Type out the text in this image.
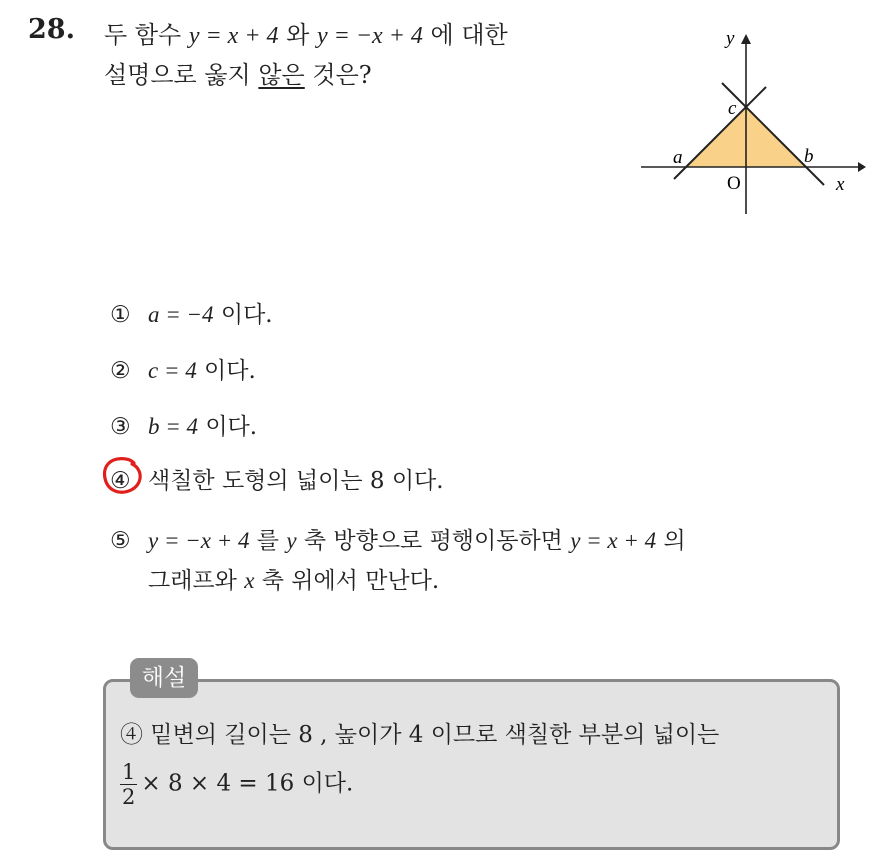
28. 두 함수 y = x + 4 와 y = −x + 4 에 대한
설명으로 옳지 않은 것은?
y
x
a	b
c
O
① a = −4 이다.
② c = 4 이다.
③ b = 4 이다.
④ 색칠한 도형의 넓이는 8 이다.
⑤ y = −x + 4 를 y 축 방향으로 평행이동하면 y = x + 4 의
그래프와 x 축 위에서 만난다.
해설
④ 밑변의 길이는 8 , 높이가 4 이므로 색칠한 부분의 넓이는
$\frac{1}{2} \times 8 \times 4 = 16$ 이다.
